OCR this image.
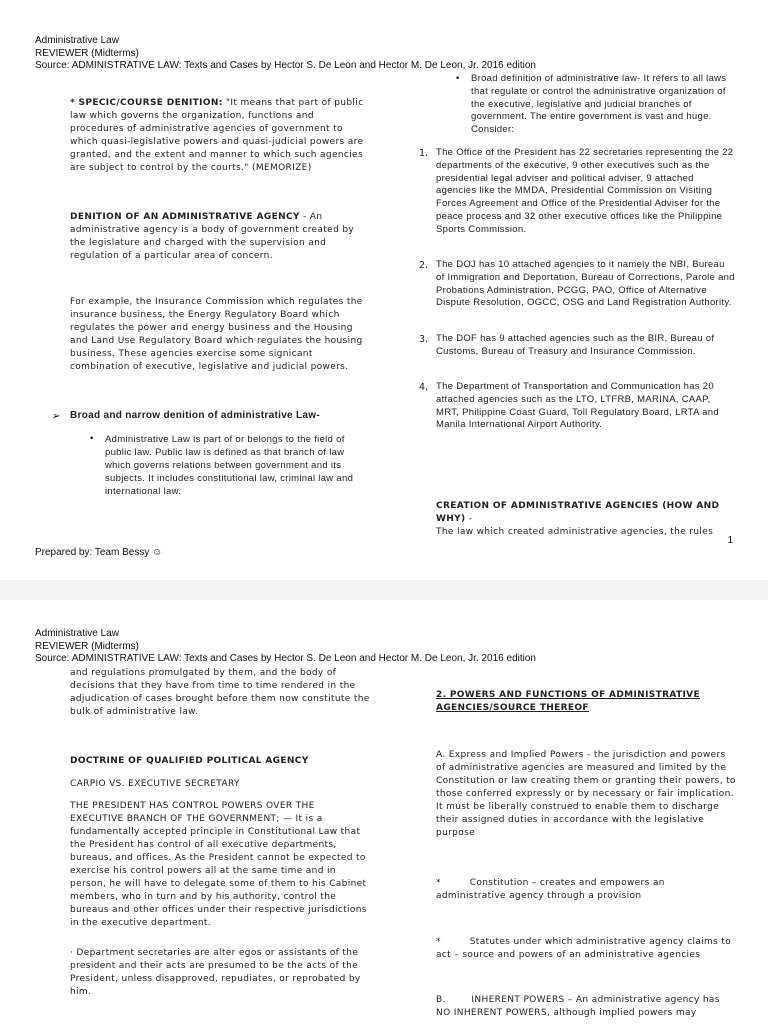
Administrative Law
REVIEWER (Midterms)
Source: ADMINISTRATIVE LAW: Texts and Cases by Hector S. De Leon and Hector M. De Leon, Jr. 2016 edition

* SPECIC/COURSE DENITION: "It means that part of public law which governs the organization, functions and procedures of administrative agencies of government to which quasi-legislative powers and quasi-judicial powers are granted, and the extent and manner to which such agencies are subject to control by the courts." (MEMORIZE)

DENITION OF AN ADMINISTRATIVE AGENCY - An administrative agency is a body of government created by the legislature and charged with the supervision and regulation of a particular area of concern.

For example, the Insurance Commission which regulates the insurance business, the Energy Regulatory Board which regulates the power and energy business and the Housing and Land Use Regulatory Board which regulates the housing business. These agencies exercise some signicant combination of executive, legislative and judicial powers.

➢ Broad and narrow denition of administrative Law-
• Administrative Law is part of or belongs to the field of public law. Public law is defined as that branch of law which governs relations between government and its subjects. It includes constitutional law, criminal law and international law.
• Broad definition of administrative law- It refers to all laws that regulate or control the administrative organization of the executive, legislative and judicial branches of government. The entire government is vast and huge. Consider:
1. The Office of the President has 22 secretaries representing the 22 departments of the executive, 9 other executives such as the presidential legal adviser and political adviser, 9 attached agencies like the MMDA, Presidential Commission on Visiting Forces Agreement and Office of the Presidential Adviser for the peace process and 32 other executive offices like the Philippine Sports Commission.
2. The DOJ has 10 attached agencies to it namely the NBI, Bureau of Immigration and Deportation, Bureau of Corrections, Parole and Probations Administration, PCGG, PAO, Office of Alternative Dispute Resolution, OGCC, OSG and Land Registration Authority.
3. The DOF has 9 attached agencies such as the BIR, Bureau of Customs, Bureau of Treasury and Insurance Commission.
4. The Department of Transportation and Communication has 20 attached agencies such as the LTO, LTFRB, MARINA, CAAP, MRT, Philippine Coast Guard, Toll Regulatory Board, LRTA and Manila International Airport Authority.

CREATION OF ADMINISTRATIVE AGENCIES (HOW AND WHY) -

The law which created administrative agencies, the rules

1
Prepared by: Team Bessy ☺
Administrative Law
REVIEWER (Midterms)
Source: ADMINISTRATIVE LAW: Texts and Cases by Hector S. De Leon and Hector M. De Leon, Jr. 2016 edition
and regulations promulgated by them, and the body of decisions that they have from time to time rendered in the adjudication of cases brought before them now constitute the bulk of administrative law.
DOCTRINE OF QUALIFIED POLITICAL AGENCY
CARPIO VS. EXECUTIVE SECRETARY
THE PRESIDENT HAS CONTROL POWERS OVER THE EXECUTIVE BRANCH OF THE GOVERNMENT; — It is a fundamentally accepted principle in Constitutional Law that the President has control of all executive departments, bureaus, and offices. As the President cannot be expected to exercise his control powers all at the same time and in person, he will have to delegate some of them to his Cabinet members, who in turn and by his authority, control the bureaus and other offices under their respective jurisdictions in the executive department.
· Department secretaries are alter egos or assistants of the president and their acts are presumed to be the acts of the President, unless disapproved, repudiates, or reprobated by him.
2. POWERS AND FUNCTIONS OF ADMINISTRATIVE AGENCIES/SOURCE THEREOF
A. Express and Implied Powers - the jurisdiction and powers of administrative agencies are measured and limited by the Constitution or law creating them or granting their powers, to those conferred expressly or by necessary or fair implication. It must be liberally construed to enable them to discharge their assigned duties in accordance with the legislative purpose
*         Constitution – creates and empowers an administrative agency through a provision
*         Statutes under which administrative agency claims to act – source and powers of an administrative agencies
B.        INHERENT POWERS – An administrative agency has NO INHERENT POWERS, although implied powers may
